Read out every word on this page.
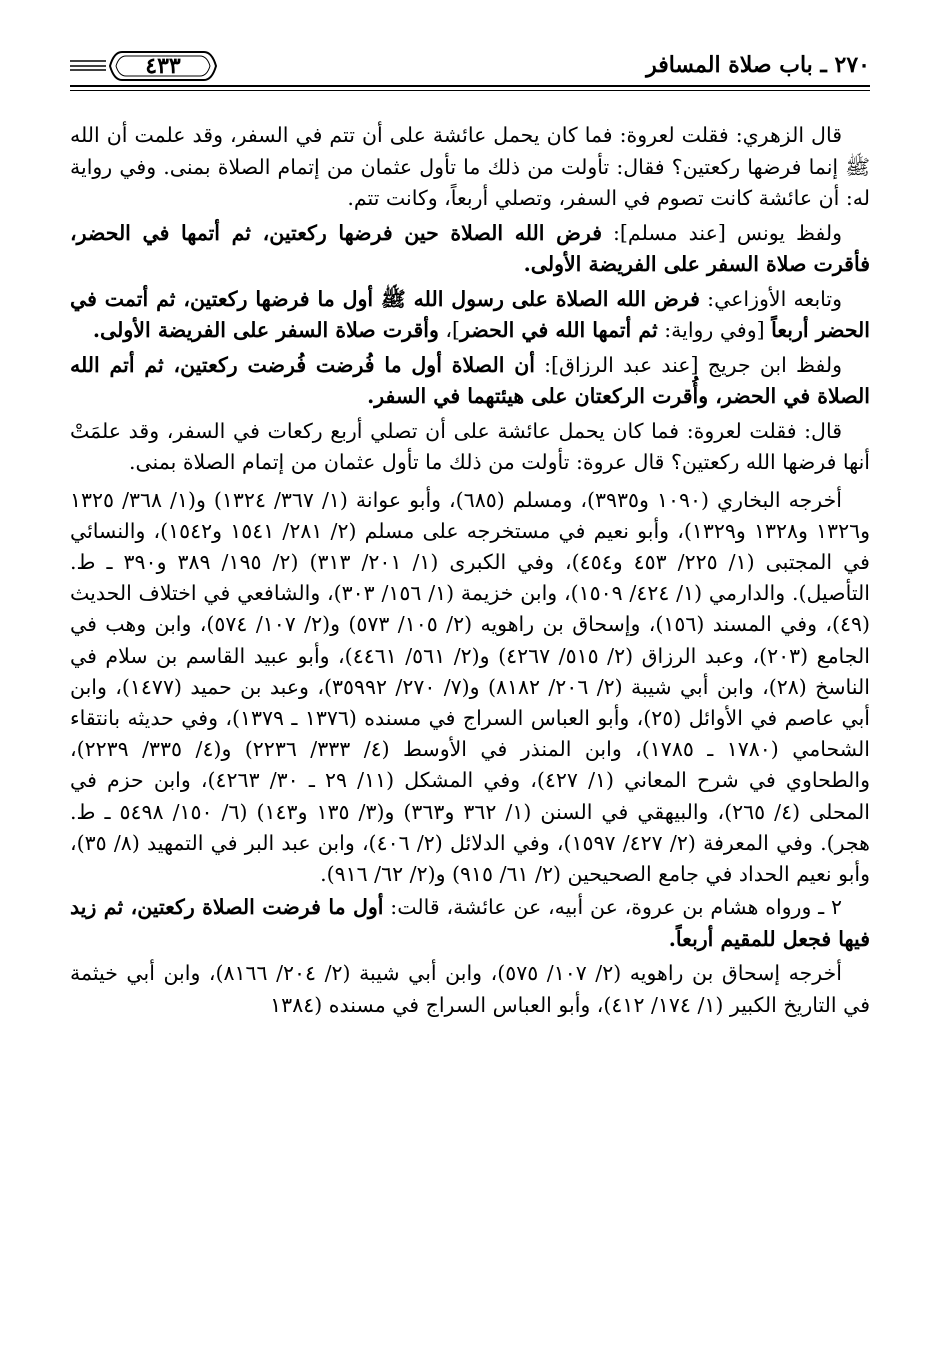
٢٧٠ ـ باب صلاة المسافر
٤٣٣

قال الزهري: فقلت لعروة: فما كان يحمل عائشة على أن تتم في السفر، وقد علمت أن الله ﷺ إنما فرضها ركعتين؟ فقال: تأولت من ذلك ما تأول عثمان من إتمام الصلاة بمنى. وفي رواية له: أن عائشة كانت تصوم في السفر، وتصلي أربعاً، وكانت تتم.

ولفظ يونس [عند مسلم]: فرض الله الصلاة حين فرضها ركعتين، ثم أتمها في الحضر، فأقرت صلاة السفر على الفريضة الأولى.

وتابعه الأوزاعي: فرض الله الصلاة على رسول الله ﷺ أول ما فرضها ركعتين، ثم أتمت في الحضر أربعاً [وفي رواية: ثم أتمها الله في الحضر]، وأقرت صلاة السفر على الفريضة الأولى.

ولفظ ابن جريج [عند عبد الرزاق]: أن الصلاة أول ما فُرضت فُرضت ركعتين، ثم أتم الله الصلاة في الحضر، وأُقرت الركعتان على هيئتهما في السفر.

قال: فقلت لعروة: فما كان يحمل عائشة على أن تصلي أربع ركعات في السفر، وقد علمَتْ أنها فرضها الله ركعتين؟ قال عروة: تأولت من ذلك ما تأول عثمان من إتمام الصلاة بمنى.

أخرجه البخاري (١٠٩٠ و٣٩٣٥)، ومسلم (٦٨٥)، وأبو عوانة (١/ ٣٦٧/ ١٣٢٤) و(١/ ٣٦٨/ ١٣٢٥ و١٣٢٦ و١٣٢٨ و١٣٢٩)، وأبو نعيم في مستخرجه على مسلم (٢/ ٢٨١/ ١٥٤١ و١٥٤٢)، والنسائي في المجتبى (١/ ٢٢٥/ ٤٥٣ و٤٥٤)، وفي الكبرى (١/ ٢٠١/ ٣١٣) (٢/ ١٩٥/ ٣٨٩ و٣٩٠ ـ ط. التأصيل). والدارمي (١/ ٤٢٤/ ١٥٠٩)، وابن خزيمة (١/ ١٥٦/ ٣٠٣)، والشافعي في اختلاف الحديث (٤٩)، وفي المسند (١٥٦)، وإسحاق بن راهويه (٢/ ١٠٥/ ٥٧٣) و(٢/ ١٠٧/ ٥٧٤)، وابن وهب في الجامع (٢٠٣)، وعبد الرزاق (٢/ ٥١٥/ ٤٢٦٧) و(٢/ ٥٦١/ ٤٤٦١)، وأبو عبيد القاسم بن سلام في الناسخ (٢٨)، وابن أبي شيبة (٢/ ٢٠٦/ ٨١٨٢) و(٧/ ٢٧٠/ ٣٥٩٩٢)، وعبد بن حميد (١٤٧٧)، وابن أبي عاصم في الأوائل (٢٥)، وأبو العباس السراج في مسنده (١٣٧٦ ـ ١٣٧٩)، وفي حديثه بانتقاء الشحامي (١٧٨٠ ـ ١٧٨٥)، وابن المنذر في الأوسط (٤/ ٣٣٣/ ٢٢٣٦) و(٤/ ٣٣٥/ ٢٢٣٩)، والطحاوي في شرح المعاني (١/ ٤٢٧)، وفي المشكل (١١/ ٢٩ ـ ٣٠/ ٤٢٦٣)، وابن حزم في المحلى (٤/ ٢٦٥)، والبيهقي في السنن (١/ ٣٦٢ و٣٦٣) و(٣/ ١٣٥ و١٤٣) (٦/ ١٥٠/ ٥٤٩٨ ـ ط. هجر). وفي المعرفة (٢/ ٤٢٧/ ١٥٩٧)، وفي الدلائل (٢/ ٤٠٦)، وابن عبد البر في التمهيد (٨/ ٣٥)، وأبو نعيم الحداد في جامع الصحيحين (٢/ ٦١/ ٩١٥) و(٢/ ٦٢/ ٩١٦).

٢ ـ ورواه هشام بن عروة، عن أبيه، عن عائشة، قالت: أول ما فرضت الصلاة ركعتين، ثم زيد فيها فجعل للمقيم أربعاً.

أخرجه إسحاق بن راهويه (٢/ ١٠٧/ ٥٧٥)، وابن أبي شيبة (٢/ ٢٠٤/ ٨١٦٦)، وابن أبي خيثمة في التاريخ الكبير (١/ ١٧٤/ ٤١٢)، وأبو العباس السراج في مسنده (١٣٨٤
